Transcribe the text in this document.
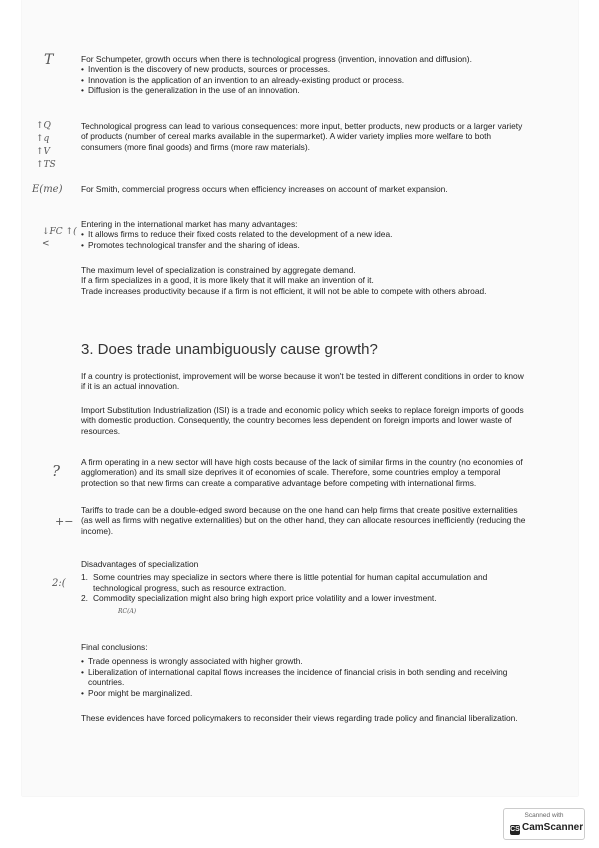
T
↑Q ↑q ↑V ↑TS
E(me)
↓FC ↑( <
?
+−
2:(
RC(A)

For Schumpeter, growth occurs when there is technological progress (invention, innovation and diffusion).

• Invention is the discovery of new products, sources or processes.
• Innovation is the application of an invention to an already-existing product or process.
• Diffusion is the generalization in the use of an innovation.

Technological progress can lead to various consequences: more input, better products, new products or a larger variety of products (number of cereal marks available in the supermarket). A wider variety implies more welfare to both consumers (more final goods) and firms (more raw materials).

For Smith, commercial progress occurs when efficiency increases on account of market expansion.

Entering in the international market has many advantages:

• It allows firms to reduce their fixed costs related to the development of a new idea.
• Promotes technological transfer and the sharing of ideas.

The maximum level of specialization is constrained by aggregate demand.

If a firm specializes in a good, it is more likely that it will make an invention of it.

Trade increases productivity because if a firm is not efficient, it will not be able to compete with others abroad.

3. Does trade unambiguously cause growth?

If a country is protectionist, improvement will be worse because it won't be tested in different conditions in order to know if it is an actual innovation.

Import Substitution Industrialization (ISI) is a trade and economic policy which seeks to replace foreign imports of goods with domestic production. Consequently, the country becomes less dependent on foreign imports and lower waste of resources.

A firm operating in a new sector will have high costs because of the lack of similar firms in the country (no economies of agglomeration) and its small size deprives it of economies of scale. Therefore, some countries employ a temporal protection so that new firms can create a comparative advantage before competing with international firms.

Tariffs to trade can be a double-edged sword because on the one hand can help firms that create positive externalities (as well as firms with negative externalities) but on the other hand, they can allocate resources inefficiently (reducing the income).

Disadvantages of specialization

1. Some countries may specialize in sectors where there is little potential for human capital accumulation and technological progress, such as resource extraction.
2. Commodity specialization might also bring high export price volatility and a lower investment.

Final conclusions:

• Trade openness is wrongly associated with higher growth.
• Liberalization of international capital flows increases the incidence of financial crisis in both sending and receiving countries.
• Poor might be marginalized.

These evidences have forced policymakers to reconsider their views regarding trade policy and financial liberalization.

Scanned with
CS CamScanner
